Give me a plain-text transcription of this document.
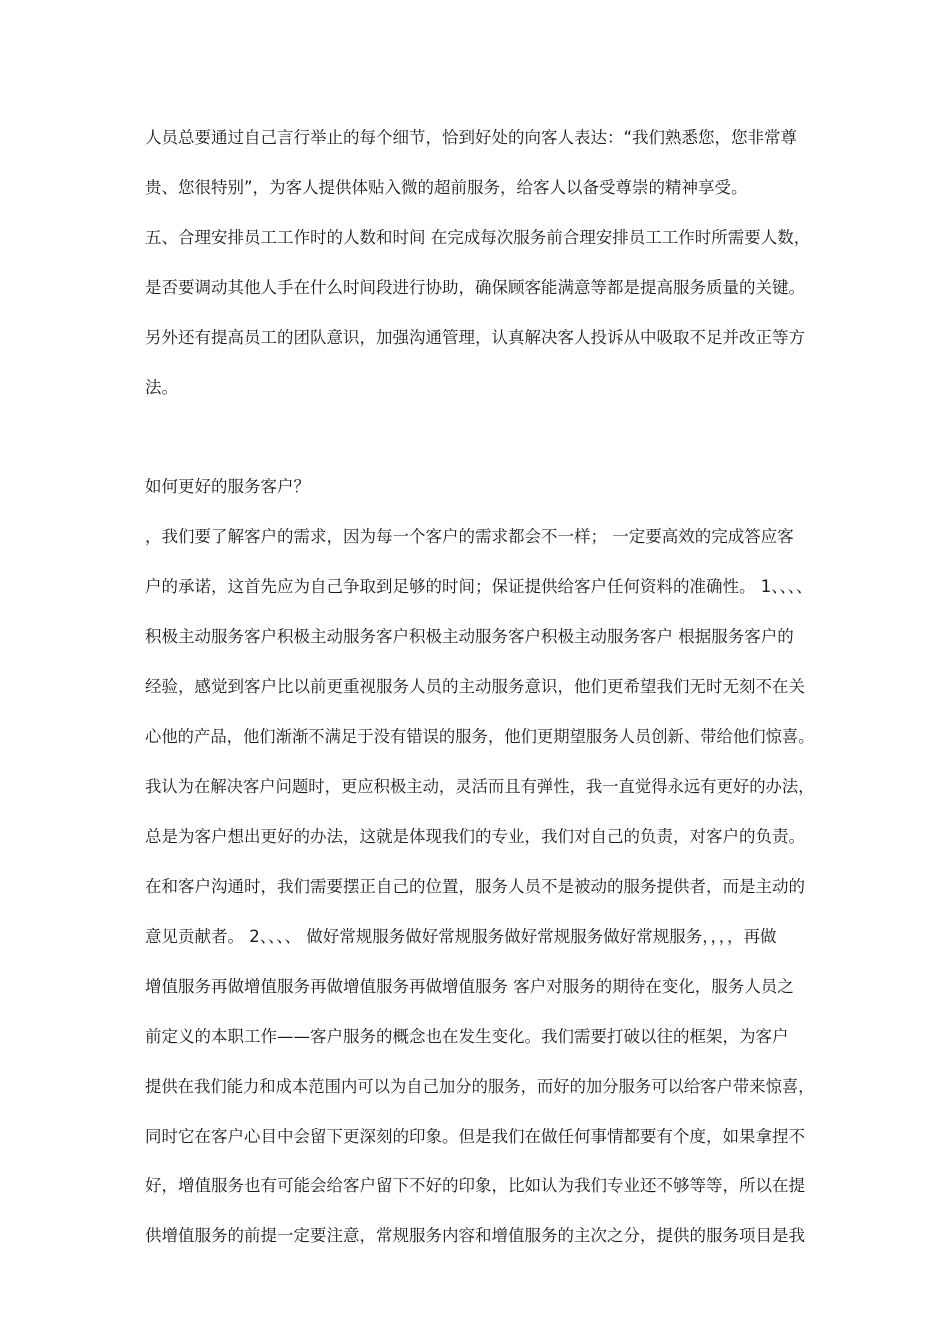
人员总要通过自己言行举止的每个细节，恰到好处的向客人表达：“我们熟悉您，您非常尊
贵、您很特别”，为客人提供体贴入微的超前服务，给客人以备受尊崇的精神享受。
五、合理安排员工工作时的人数和时间 在完成每次服务前合理安排员工工作时所需要人数，
是否要调动其他人手在什么时间段进行协助，确保顾客能满意等都是提高服务质量的关键。
另外还有提高员工的团队意识，加强沟通管理，认真解决客人投诉从中吸取不足并改正等方
法。
如何更好的服务客户？
，我们要了解客户的需求，因为每一个客户的需求都会不一样； 一定要高效的完成答应客
户的承诺，这首先应为自己争取到足够的时间；保证提供给客户任何资料的准确性。 1、、、、
积极主动服务客户积极主动服务客户积极主动服务客户积极主动服务客户 根据服务客户的
经验，感觉到客户比以前更重视服务人员的主动服务意识，他们更希望我们无时无刻不在关
心他的产品，他们渐渐不满足于没有错误的服务，他们更期望服务人员创新、带给他们惊喜。
我认为在解决客户问题时，更应积极主动，灵活而且有弹性，我一直觉得永远有更好的办法，
总是为客户想出更好的办法，这就是体现我们的专业，我们对自己的负责，对客户的负责。
在和客户沟通时，我们需要摆正自己的位置，服务人员不是被动的服务提供者，而是主动的
意见贡献者。 2、、、、 做好常规服务做好常规服务做好常规服务做好常规服务，，，，再做
增值服务再做增值服务再做增值服务再做增值服务 客户对服务的期待在变化，服务人员之
前定义的本职工作——客户服务的概念也在发生变化。我们需要打破以往的框架，为客户
提供在我们能力和成本范围内可以为自己加分的服务，而好的加分服务可以给客户带来惊喜，
同时它在客户心目中会留下更深刻的印象。但是我们在做任何事情都要有个度，如果拿捏不
好，增值服务也有可能会给客户留下不好的印象，比如认为我们专业还不够等等，所以在提
供增值服务的前提一定要注意，常规服务内容和增值服务的主次之分，提供的服务项目是我
